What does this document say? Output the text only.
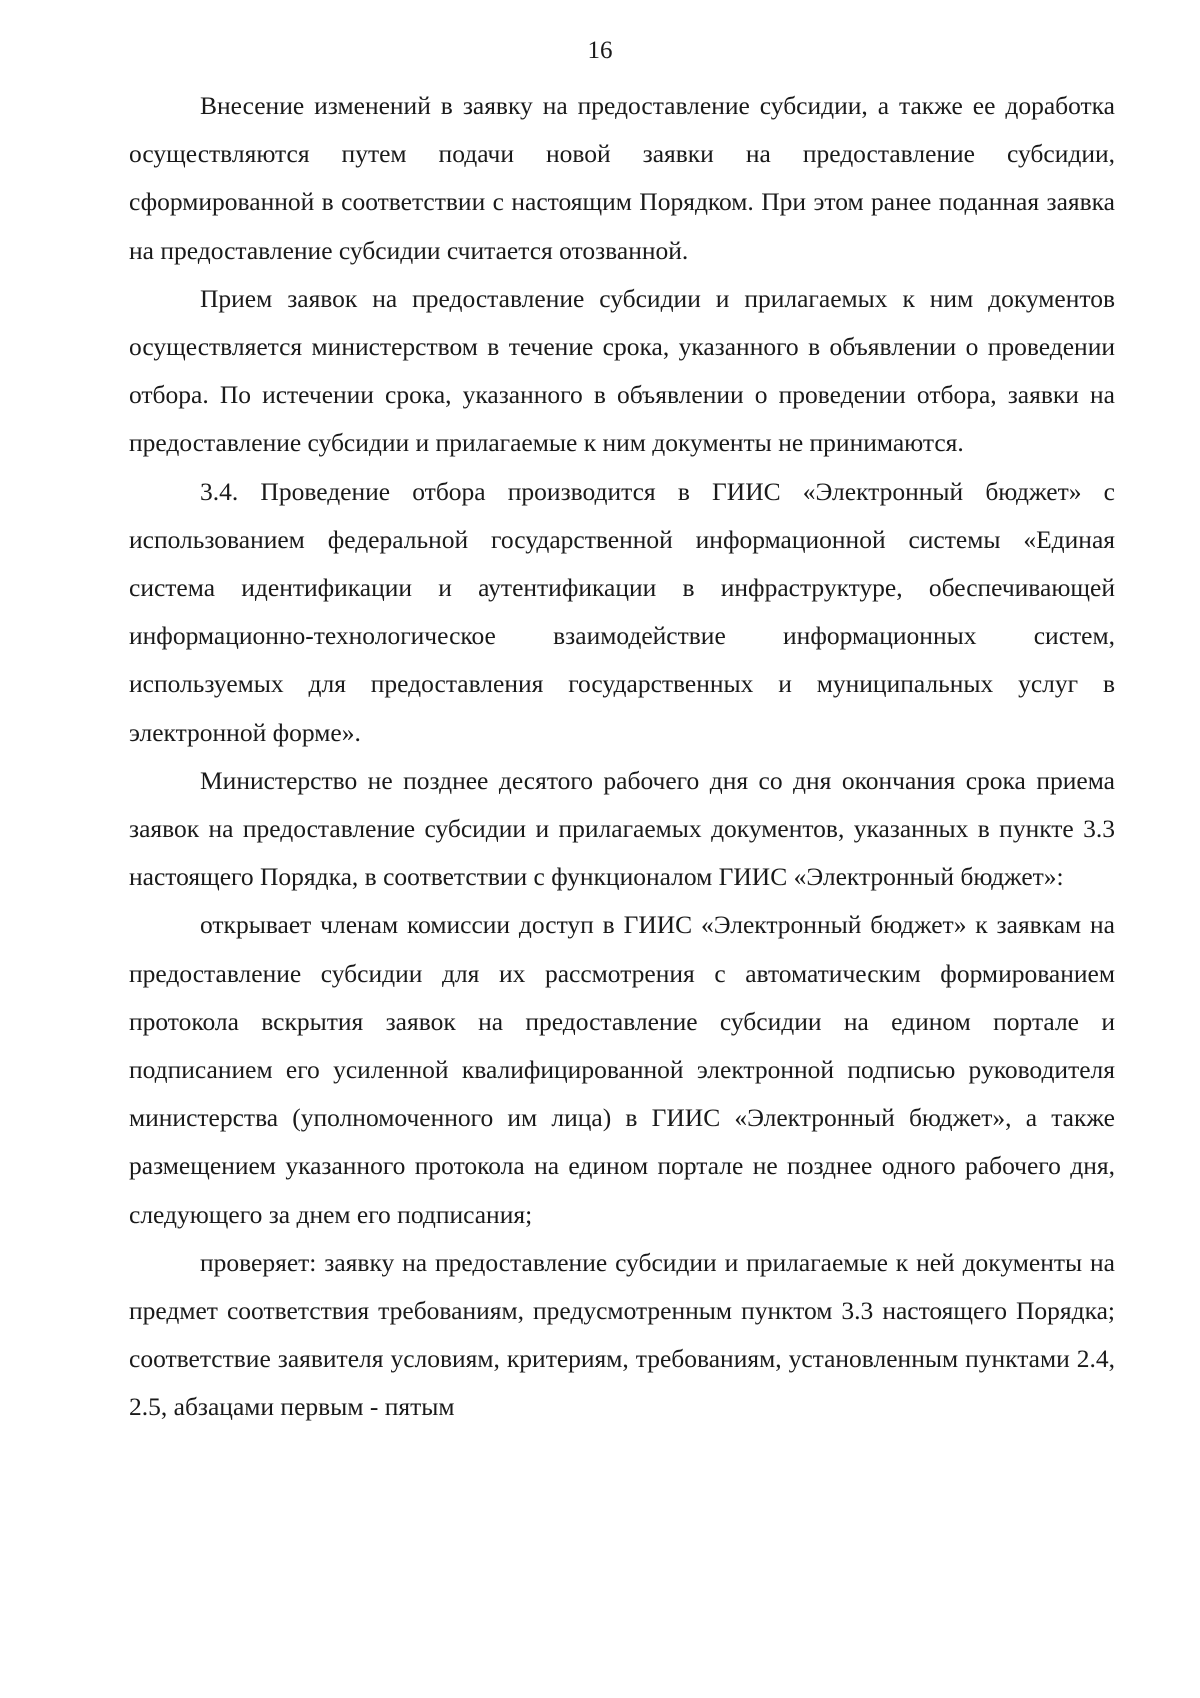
16

Внесение изменений в заявку на предоставление субсидии, а также ее доработка осуществляются путем подачи новой заявки на предоставление субсидии, сформированной в соответствии с настоящим Порядком. При этом ранее поданная заявка на предоставление субсидии считается отозванной.

Прием заявок на предоставление субсидии и прилагаемых к ним документов осуществляется министерством в течение срока, указанного в объявлении о проведении отбора. По истечении срока, указанного в объявлении о проведении отбора, заявки на предоставление субсидии и прилагаемые к ним документы не принимаются.

3.4. Проведение отбора производится в ГИИС «Электронный бюджет» с использованием федеральной государственной информационной системы «Единая система идентификации и аутентификации в инфраструктуре, обеспечивающей информационно-технологическое взаимодействие информационных систем, используемых для предоставления государственных и муниципальных услуг в электронной форме».

Министерство не позднее десятого рабочего дня со дня окончания срока приема заявок на предоставление субсидии и прилагаемых документов, указанных в пункте 3.3 настоящего Порядка, в соответствии с функционалом ГИИС «Электронный бюджет»:

открывает членам комиссии доступ в ГИИС «Электронный бюджет» к заявкам на предоставление субсидии для их рассмотрения с автоматическим формированием протокола вскрытия заявок на предоставление субсидии на едином портале и подписанием его усиленной квалифицированной электронной подписью руководителя министерства (уполномоченного им лица) в ГИИС «Электронный бюджет», а также размещением указанного протокола на едином портале не позднее одного рабочего дня, следующего за днем его подписания;

проверяет: заявку на предоставление субсидии и прилагаемые к ней документы на предмет соответствия требованиям, предусмотренным пунктом 3.3 настоящего Порядка; соответствие заявителя условиям, критериям, требованиям, установленным пунктами 2.4, 2.5, абзацами первым - пятым
